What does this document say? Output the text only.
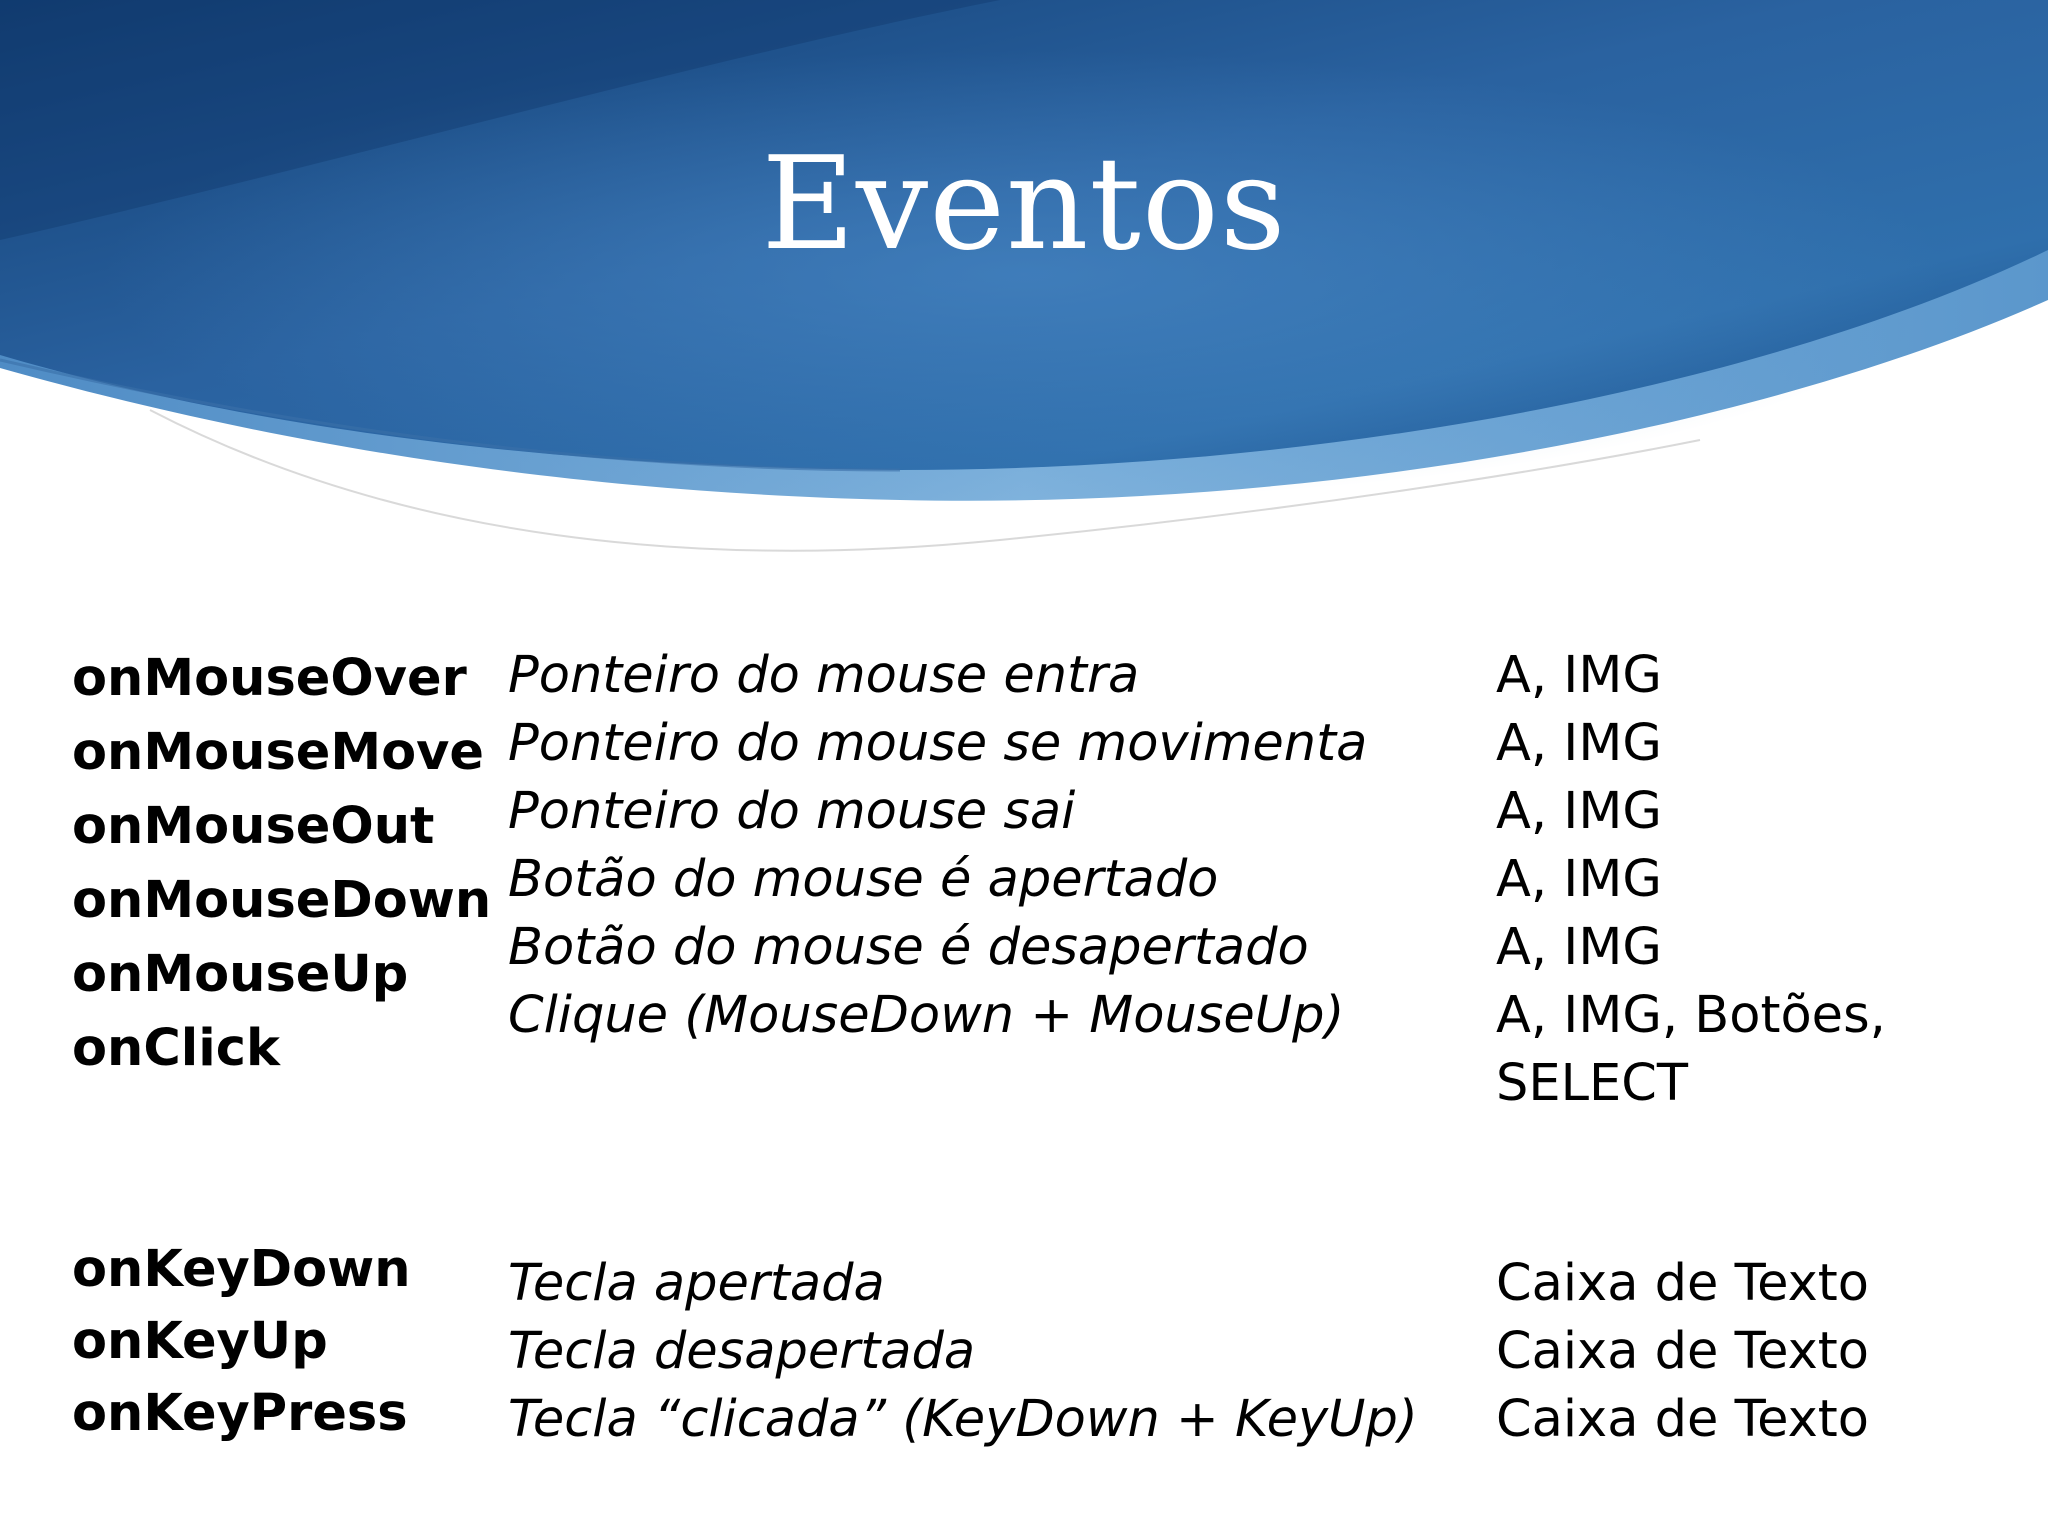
Eventos
onMouseOver
onMouseMove
onMouseOut
onMouseDown
onMouseUp
onClick
Ponteiro do mouse entra
Ponteiro do mouse se movimenta
Ponteiro do mouse sai
Botão do mouse é apertado
Botão do mouse é desapertado
Clique (MouseDown + MouseUp)
A, IMG
A, IMG
A, IMG
A, IMG
A, IMG
A, IMG, Botões,
SELECT
onKeyDown
onKeyUp
onKeyPress
Tecla apertada
Tecla desapertada
Tecla “clicada” (KeyDown + KeyUp)
Caixa de Texto
Caixa de Texto
Caixa de Texto
